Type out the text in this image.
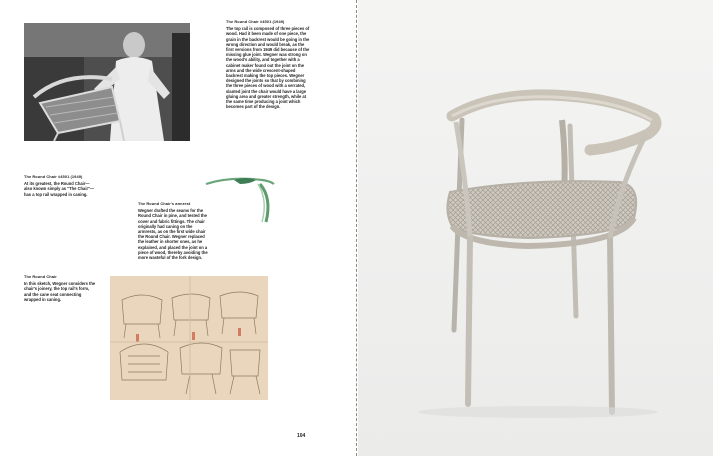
The Round Chair #4501 (1949)
The top rail is composed of three pieces of wood. Had it been made of one piece, the grain in the backrest would be going in the wrong direction and would break, as the first versions from 1949 did because of the missing glue joint. Wegner was strong on the wood's ability, and together with a cabinet maker found out the joint on the arms and the wide crescent-shaped backrest making the top pieces. Wegner designed the joints so that by combining the three pieces of wood with a serrated, slanted joint the chair would have a large gluing area and greater strength, while at the same time producing a joint which becomes part of the design.
The Round Chair #4501 (1949)
At its greatest, the Round Chair—also known simply as "The Chair"—has a top rail wrapped in caning.
The Round Chair's armrest
Wegner drafted the seams for the Round Chair in pine, and tested the cover and fabric fittings. The chair originally had caning on the armrests, as on the first wide chair the Round Chair. Wegner replaced the leather in shorter ones, as he explained, and placed the joint on a piece of wood, thereby avoiding the more wasteful of the fork design.
The Round Chair
In this sketch, Wegner considers the chair's joinery, the top rail's form, and the cane seat connecting wrapped in caning.
104
